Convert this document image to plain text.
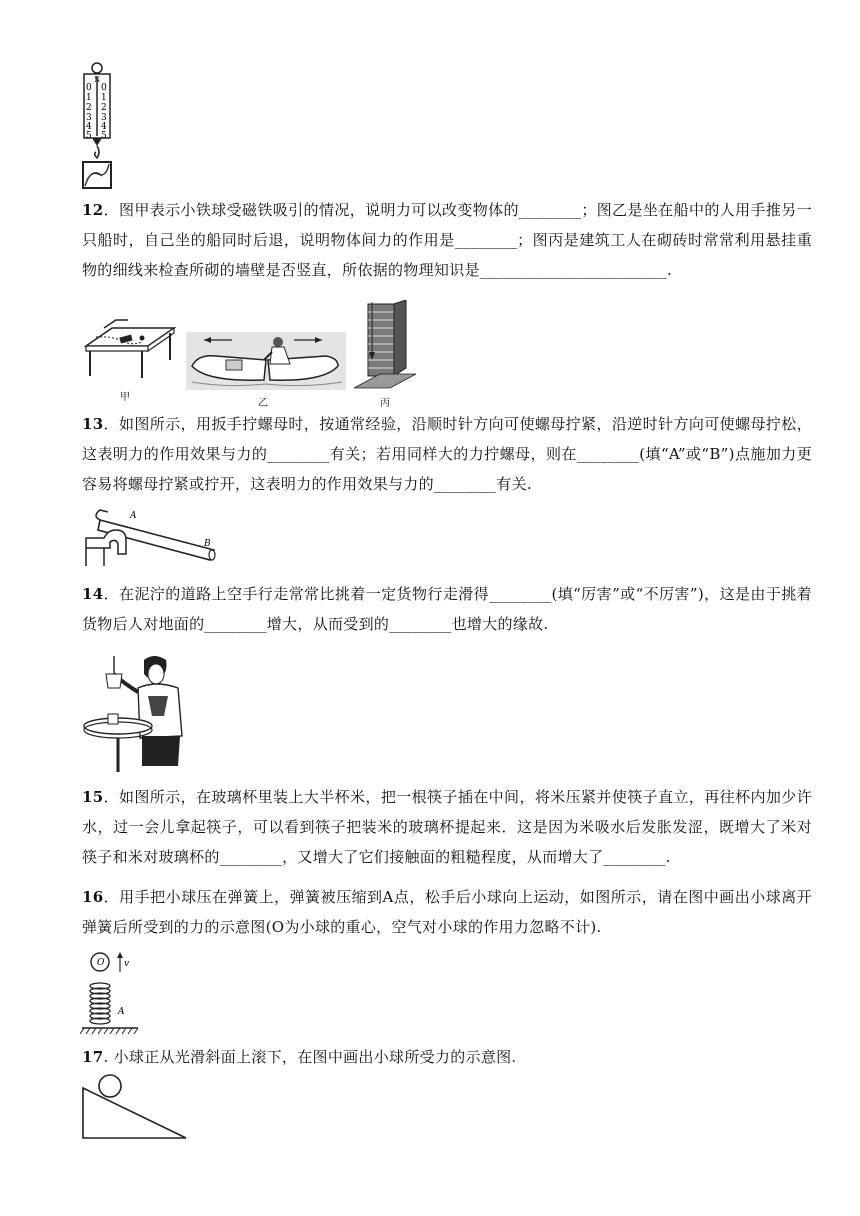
N
0
1
2
3
4
5
0
1
2
3
4
5
12．图甲表示小铁球受磁铁吸引的情况，说明力可以改变物体的________；图乙是坐在船中的人用手推另一只船时，自己坐的船同时后退，说明物体间力的作用是________；图丙是建筑工人在砌砖时常常利用悬挂重物的细线来检查所砌的墙壁是否竖直，所依据的物理知识是________________________.
甲
乙	丙
13．如图所示，用扳手拧螺母时，按通常经验，沿顺时针方向可使螺母拧紧，沿逆时针方向可使螺母拧松，这表明力的作用效果与力的________有关；若用同样大的力拧螺母，则在________(填“A”或“B”)点施加力更容易将螺母拧紧或拧开，这表明力的作用效果与力的________有关.
A
B
14．在泥泞的道路上空手行走常常比挑着一定货物行走滑得________(填“厉害”或“不厉害”)，这是由于挑着货物后人对地面的________增大，从而受到的________也增大的缘故.
15．如图所示，在玻璃杯里装上大半杯米，把一根筷子插在中间，将米压紧并使筷子直立，再往杯内加少许水，过一会儿拿起筷子，可以看到筷子把装米的玻璃杯提起来．这是因为米吸水后发胀发涩，既增大了米对筷子和米对玻璃杯的________，又增大了它们接触面的粗糙程度，从而增大了________.
16．用手把小球压在弹簧上，弹簧被压缩到A点，松手后小球向上运动，如图所示，请在图中画出小球离开弹簧后所受到的力的示意图(O为小球的重心，空气对小球的作用力忽略不计).
O v
A
17. 小球正从光滑斜面上滚下，在图中画出小球所受力的示意图.
